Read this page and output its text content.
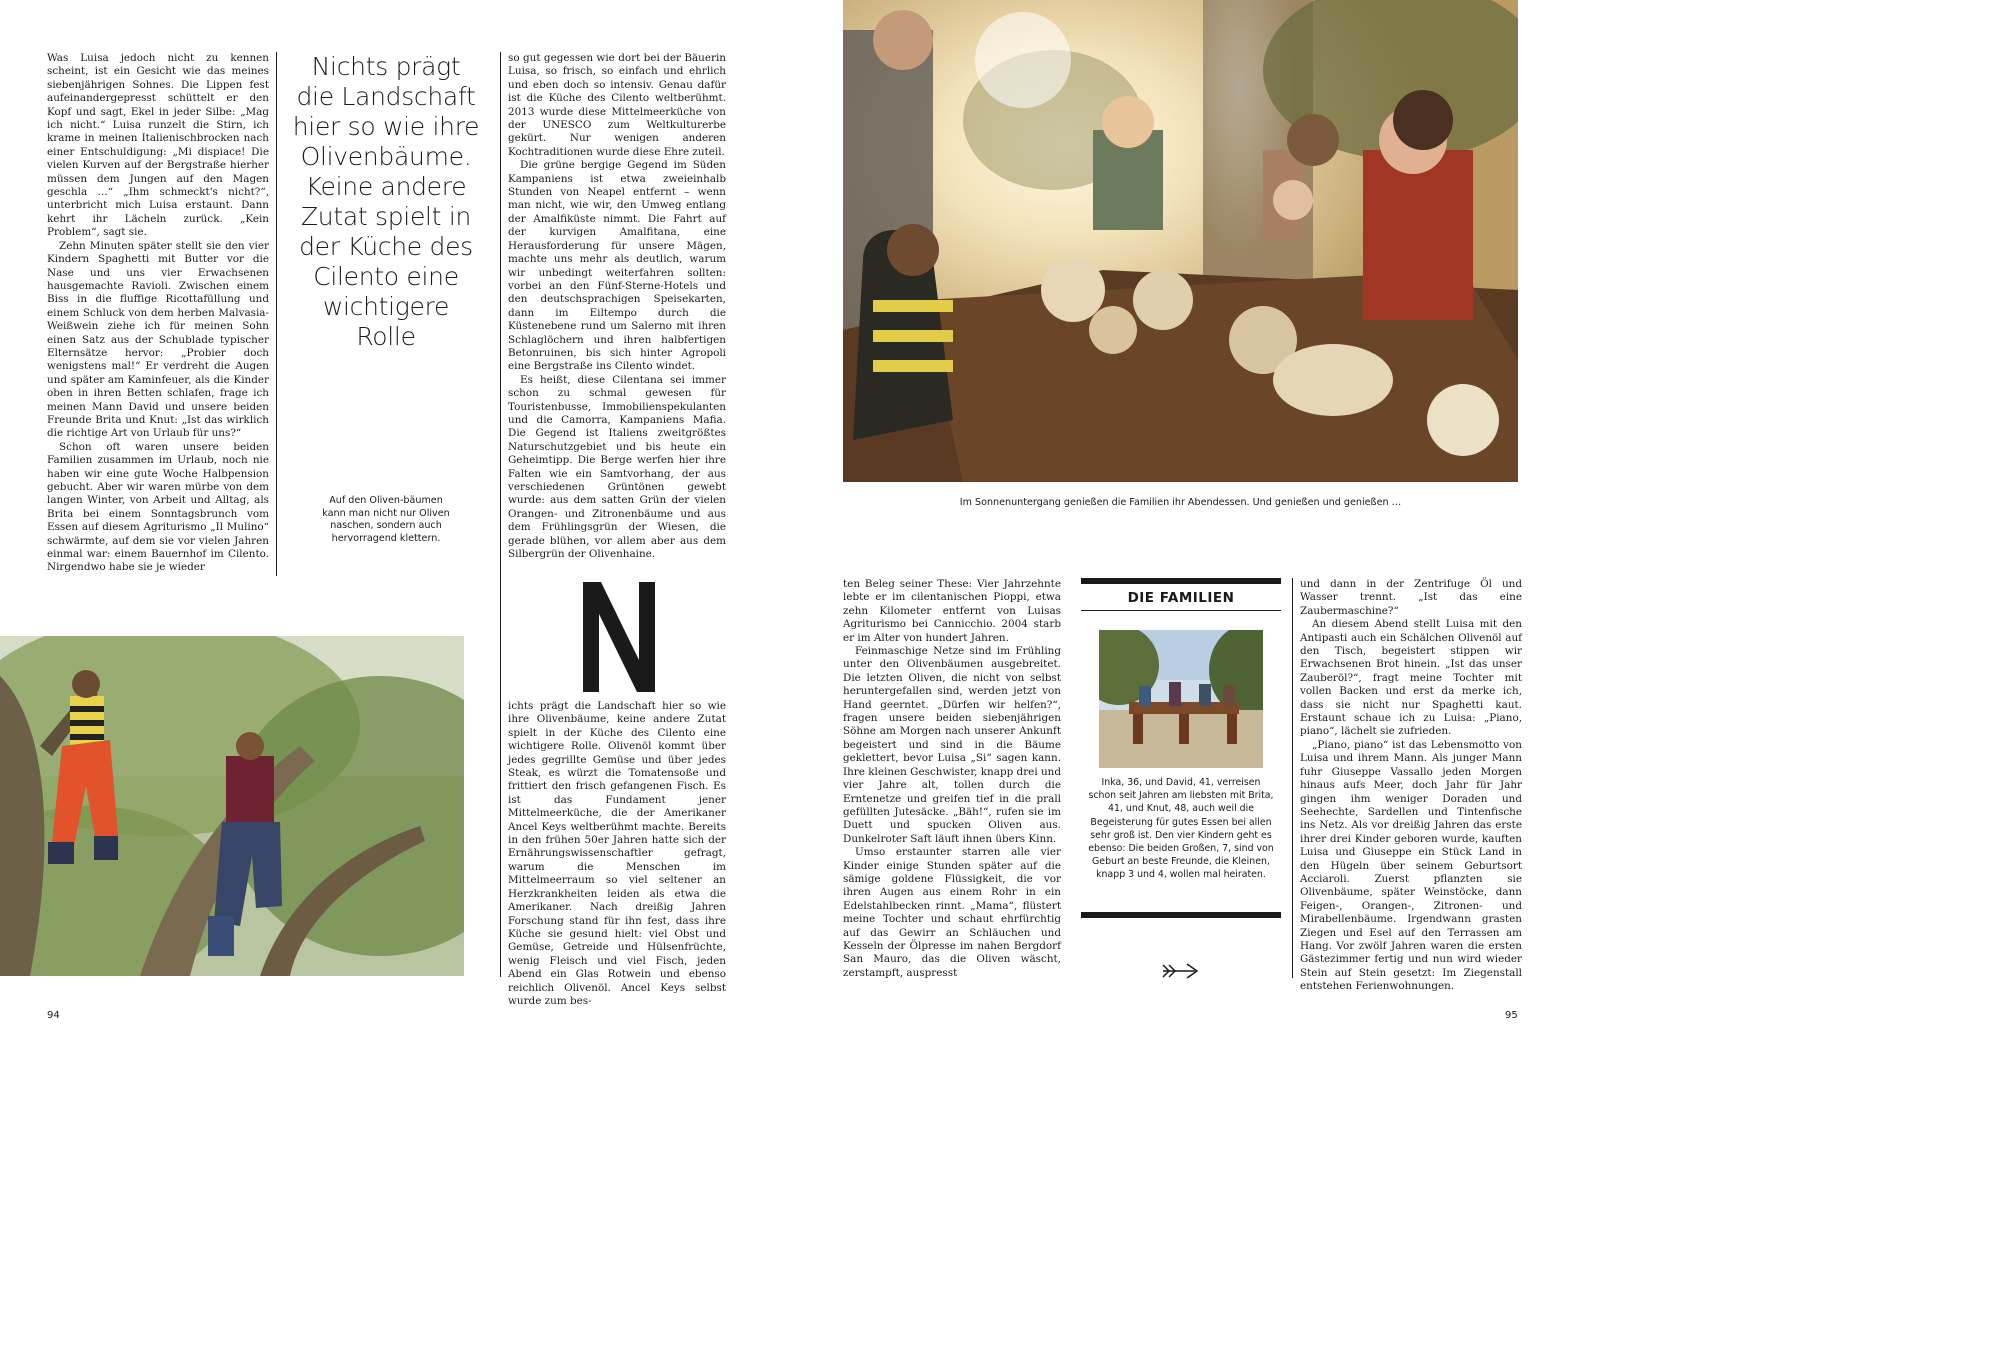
Was Luisa jedoch nicht zu kennen scheint, ist ein Gesicht wie das meines siebenjährigen Sohnes. Die Lippen fest aufeinandergepresst schüttelt er den Kopf und sagt, Ekel in jeder Silbe: „Mag ich nicht.“ Luisa runzelt die Stirn, ich krame in meinen Italienischbrocken nach einer Entschuldigung: „Mi dispiace! Die vielen Kurven auf der Bergstraße hierher müssen dem Jungen auf den Magen geschla …“ „Ihm schmeckt's nicht?“, unterbricht mich Luisa erstaunt. Dann kehrt ihr Lächeln zurück. „Kein Problem“, sagt sie.

Zehn Minuten später stellt sie den vier Kindern Spaghetti mit Butter vor die Nase und uns vier Erwachsenen hausgemachte Ravioli. Zwischen einem Biss in die fluffige Ricottafüllung und einem Schluck von dem herben Malvasia-Weißwein ziehe ich für meinen Sohn einen Satz aus der Schublade typischer Elternsätze hervor: „Probier doch wenigstens mal!“ Er verdreht die Augen und später am Kaminfeuer, als die Kinder oben in ihren Betten schlafen, frage ich meinen Mann David und unsere beiden Freunde Brita und Knut: „Ist das wirklich die richtige Art von Urlaub für uns?“

Schon oft waren unsere beiden Familien zusammen im Urlaub, noch nie haben wir eine gute Woche Halbpension gebucht. Aber wir waren mürbe von dem langen Winter, von Arbeit und Alltag, als Brita bei einem Sonntagsbrunch vom Essen auf diesem Agriturismo „Il Mulino“ schwärmte, auf dem sie vor vielen Jahren einmal war: einem Bauernhof im Cilento. Nirgendwo habe sie je wieder

Nichts prägt die Landschaft hier so wie ihre Olivenbäume. Keine andere Zutat spielt in der Küche des Cilento eine wichtigere Rolle
Auf den Oliven-bäumen kann man nicht nur Oliven naschen, sondern auch hervorragend klettern.

so gut gegessen wie dort bei der Bäuerin Luisa, so frisch, so einfach und ehrlich und eben doch so intensiv. Genau dafür ist die Küche des Cilento weltberühmt. 2013 wurde diese Mittelmeerküche von der UNESCO zum Weltkulturerbe gekürt. Nur wenigen anderen Kochtraditionen wurde diese Ehre zuteil.

Die grüne bergige Gegend im Süden Kampaniens ist etwa zweieinhalb Stunden von Neapel entfernt – wenn man nicht, wie wir, den Umweg entlang der Amalfiküste nimmt. Die Fahrt auf der kurvigen Amalfitana, eine Herausforderung für unsere Mägen, machte uns mehr als deutlich, warum wir unbedingt weiterfahren sollten: vorbei an den Fünf-Sterne-Hotels und den deutschsprachigen Speisekarten, dann im Eiltempo durch die Küstenebene rund um Salerno mit ihren Schlaglöchern und ihren halbfertigen Betonruinen, bis sich hinter Agropoli eine Bergstraße ins Cilento windet.

Es heißt, diese Cilentana sei immer schon zu schmal gewesen für Touristenbusse, Immobilienspekulanten und die Camorra, Kampaniens Mafia. Die Gegend ist Italiens zweitgrößtes Naturschutzgebiet und bis heute ein Geheimtipp. Die Berge werfen hier ihre Falten wie ein Samtvorhang, der aus verschiedenen Grüntönen gewebt wurde: aus dem satten Grün der vielen Orangen- und Zitronenbäume und aus dem Frühlingsgrün der Wiesen, die gerade blühen, vor allem aber aus dem Silbergrün der Olivenhaine.

ichts prägt die Landschaft hier so wie ihre Olivenbäume, keine andere Zutat spielt in der Küche des Cilento eine wichtigere Rolle. Olivenöl kommt über jedes gegrillte Gemüse und über jedes Steak, es würzt die Tomatensoße und frittiert den frisch gefangenen Fisch. Es ist das Fundament jener Mittelmeerküche, die der Amerikaner Ancel Keys weltberühmt machte. Bereits in den frühen 50er Jahren hatte sich der Ernährungswissenschaftler gefragt, warum die Menschen im Mittelmeerraum so viel seltener an Herzkrankheiten leiden als etwa die Amerikaner. Nach dreißig Jahren Forschung stand für ihn fest, dass ihre Küche sie gesund hielt: viel Obst und Gemüse, Getreide und Hülsenfrüchte, wenig Fleisch und viel Fisch, jeden Abend ein Glas Rotwein und ebenso reichlich Olivenöl. Ancel Keys selbst wurde zum bes-

Im Sonnenuntergang genießen die Familien ihr Abendessen. Und genießen und genießen …

ten Beleg seiner These: Vier Jahrzehnte lebte er im cilentanischen Pioppi, etwa zehn Kilometer entfernt von Luisas Agriturismo bei Cannicchio. 2004 starb er im Alter von hundert Jahren.

Feinmaschige Netze sind im Frühling unter den Olivenbäumen ausgebreitet. Die letzten Oliven, die nicht von selbst heruntergefallen sind, werden jetzt von Hand geerntet. „Dürfen wir helfen?“, fragen unsere beiden siebenjährigen Söhne am Morgen nach unserer Ankunft begeistert und sind in die Bäume geklettert, bevor Luisa „Si“ sagen kann. Ihre kleinen Geschwister, knapp drei und vier Jahre alt, tollen durch die Erntenetze und greifen tief in die prall gefüllten Jutesäcke. „Bäh!“, rufen sie im Duett und spucken Oliven aus. Dunkelroter Saft läuft ihnen übers Kinn.

Umso erstaunter starren alle vier Kinder einige Stunden später auf die sämige goldene Flüssigkeit, die vor ihren Augen aus einem Rohr in ein Edelstahlbecken rinnt. „Mama“, flüstert meine Tochter und schaut ehrfürchtig auf das Gewirr an Schläuchen und Kesseln der Ölpresse im nahen Bergdorf San Mauro, das die Oliven wäscht, zerstampft, auspresst

DIE FAMILIEN
Inka, 36, und David, 41, verreisen schon seit Jahren am liebsten mit Brita, 41, und Knut, 48, auch weil die Begeisterung für gutes Essen bei allen sehr groß ist. Den vier Kindern geht es ebenso: Die beiden Großen, 7, sind von Geburt an beste Freunde, die Kleinen, knapp 3 und 4, wollen mal heiraten.

und dann in der Zentrifuge Öl und Wasser trennt. „Ist das eine Zaubermaschine?“

An diesem Abend stellt Luisa mit den Antipasti auch ein Schälchen Olivenöl auf den Tisch, begeistert stippen wir Erwachsenen Brot hinein. „Ist das unser Zauberöl?“, fragt meine Tochter mit vollen Backen und erst da merke ich, dass sie nicht nur Spaghetti kaut. Erstaunt schaue ich zu Luisa: „Piano, piano“, lächelt sie zufrieden.

„Piano, piano“ ist das Lebensmotto von Luisa und ihrem Mann. Als junger Mann fuhr Giuseppe Vassallo jeden Morgen hinaus aufs Meer, doch Jahr für Jahr gingen ihm weniger Doraden und Seehechte, Sardellen und Tintenfische ins Netz. Als vor dreißig Jahren das erste ihrer drei Kinder geboren wurde, kauften Luisa und Giuseppe ein Stück Land in den Hügeln über seinem Geburtsort Acciaroli. Zuerst pflanzten sie Olivenbäume, später Weinstöcke, dann Feigen-, Orangen-, Zitronen- und Mirabellenbäume. Irgendwann grasten Ziegen und Esel auf den Terrassen am Hang. Vor zwölf Jahren waren die ersten Gästezimmer fertig und nun wird wieder Stein auf Stein gesetzt: Im Ziegenstall entstehen Ferienwohnungen.

94	95
